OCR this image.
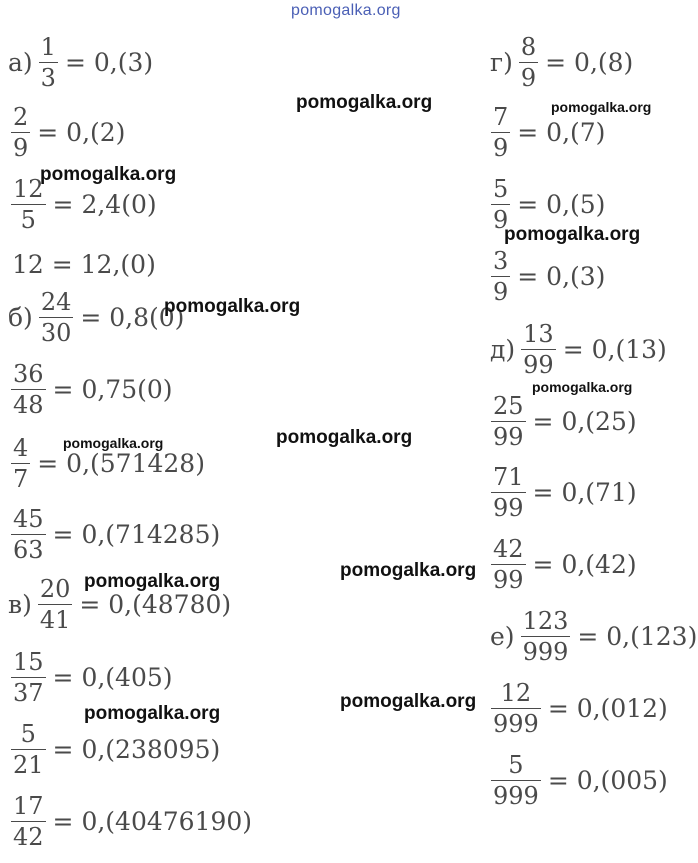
pomogalka.org
$а) \frac{1}{3} = 0,(3)$
$\frac{2}{9} = 0,(2)$
$\frac{12}{5} = 2,4(0)$
12 = 12,(0)
$б) \frac{24}{30} = 0,8(0)$
$\frac{36}{48} = 0,75(0)$
$\frac{4}{7} = 0,(571428)$
$\frac{45}{63} = 0,(714285)$
$в) \frac{20}{41} = 0,(48780)$
$\frac{15}{37} = 0,(405)$
$\frac{5}{21} = 0,(238095)$
$\frac{17}{42} = 0,(40476190)$
$г) \frac{8}{9} = 0,(8)$
$\frac{7}{9} = 0,(7)$
$\frac{5}{9} = 0,(5)$
$\frac{3}{9} = 0,(3)$
$д) \frac{13}{99} = 0,(13)$
$\frac{25}{99} = 0,(25)$
$\frac{71}{99} = 0,(71)$
$\frac{42}{99} = 0,(42)$
$е) \frac{123}{999} = 0,(123)$
$\frac{12}{999} = 0,(012)$
$\frac{5}{999} = 0,(005)$
pomogalka.org	pomogalka.org
pomogalka.org
pomogalka.org
pomogalka.org
pomogalka.org
pomogalka.org	pomogalka.org
pomogalka.org
pomogalka.org
pomogalka.org
pomogalka.org
